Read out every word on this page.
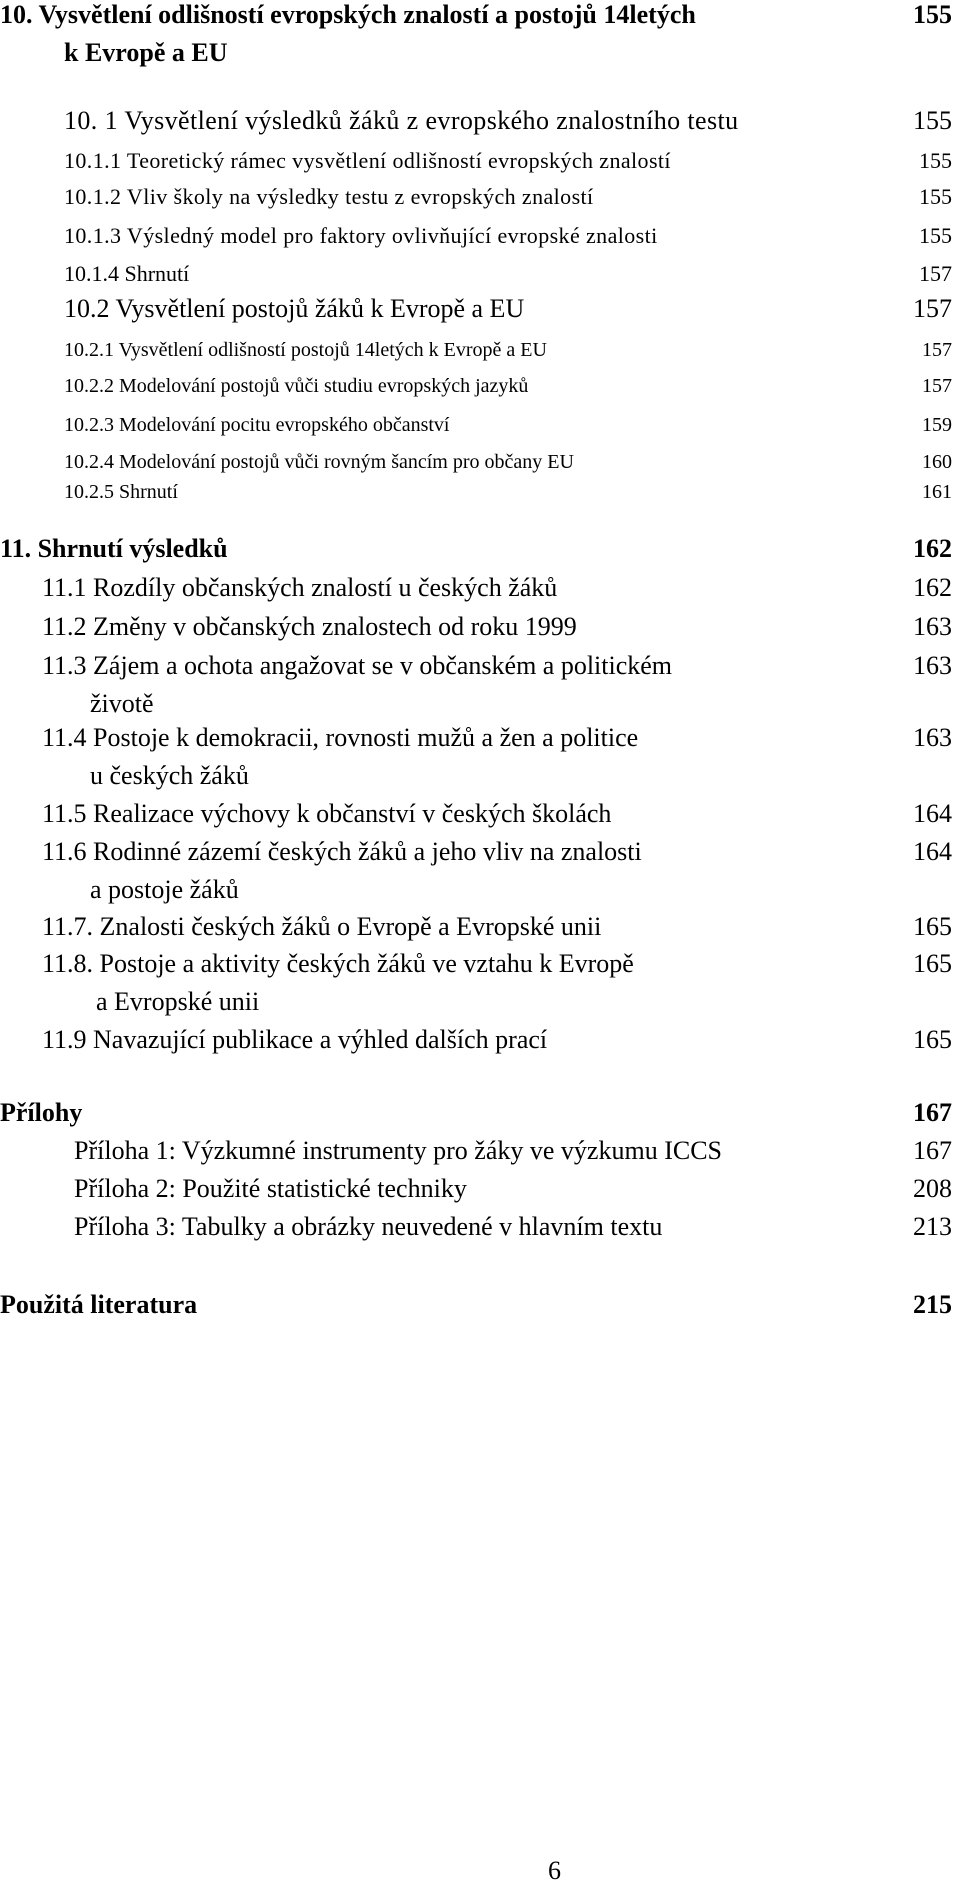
10. Vysvětlení odlišností evropských znalostí a postojů 14letých	155
k Evropě a EU
10. 1 Vysvětlení výsledků žáků z evropského znalostního testu	155
10.1.1 Teoretický rámec vysvětlení odlišností evropských znalostí	155
10.1.2 Vliv školy na výsledky testu z evropských znalostí	155
10.1.3 Výsledný model pro faktory ovlivňující evropské znalosti	155
10.1.4 Shrnutí	157
10.2 Vysvětlení postojů žáků k Evropě a EU	157
10.2.1 Vysvětlení odlišností postojů 14letých k Evropě a EU	157
10.2.2 Modelování postojů vůči studiu evropských jazyků	157
10.2.3 Modelování pocitu evropského občanství	159
10.2.4 Modelování postojů vůči rovným šancím pro občany EU	160
10.2.5 Shrnutí	161
11. Shrnutí výsledků	162
11.1 Rozdíly občanských znalostí u českých žáků	162
11.2 Změny v občanských znalostech od roku 1999	163
11.3 Zájem a ochota angažovat se v občanském a politickém	163
životě
11.4 Postoje k demokracii, rovnosti mužů a žen a politice	163
u českých žáků
11.5 Realizace výchovy k občanství v českých školách	164
11.6 Rodinné zázemí českých žáků a jeho vliv na znalosti	164
a postoje žáků
11.7. Znalosti českých žáků o Evropě a Evropské unii	165
11.8. Postoje a aktivity českých žáků ve vztahu k Evropě	165
a Evropské unii
11.9 Navazující publikace a výhled dalších prací	165
Přílohy	167
Příloha 1: Výzkumné instrumenty pro žáky ve výzkumu ICCS	167
Příloha 2: Použité statistické techniky	208
Příloha 3: Tabulky a obrázky neuvedené v hlavním textu	213
Použitá literatura	215
6
